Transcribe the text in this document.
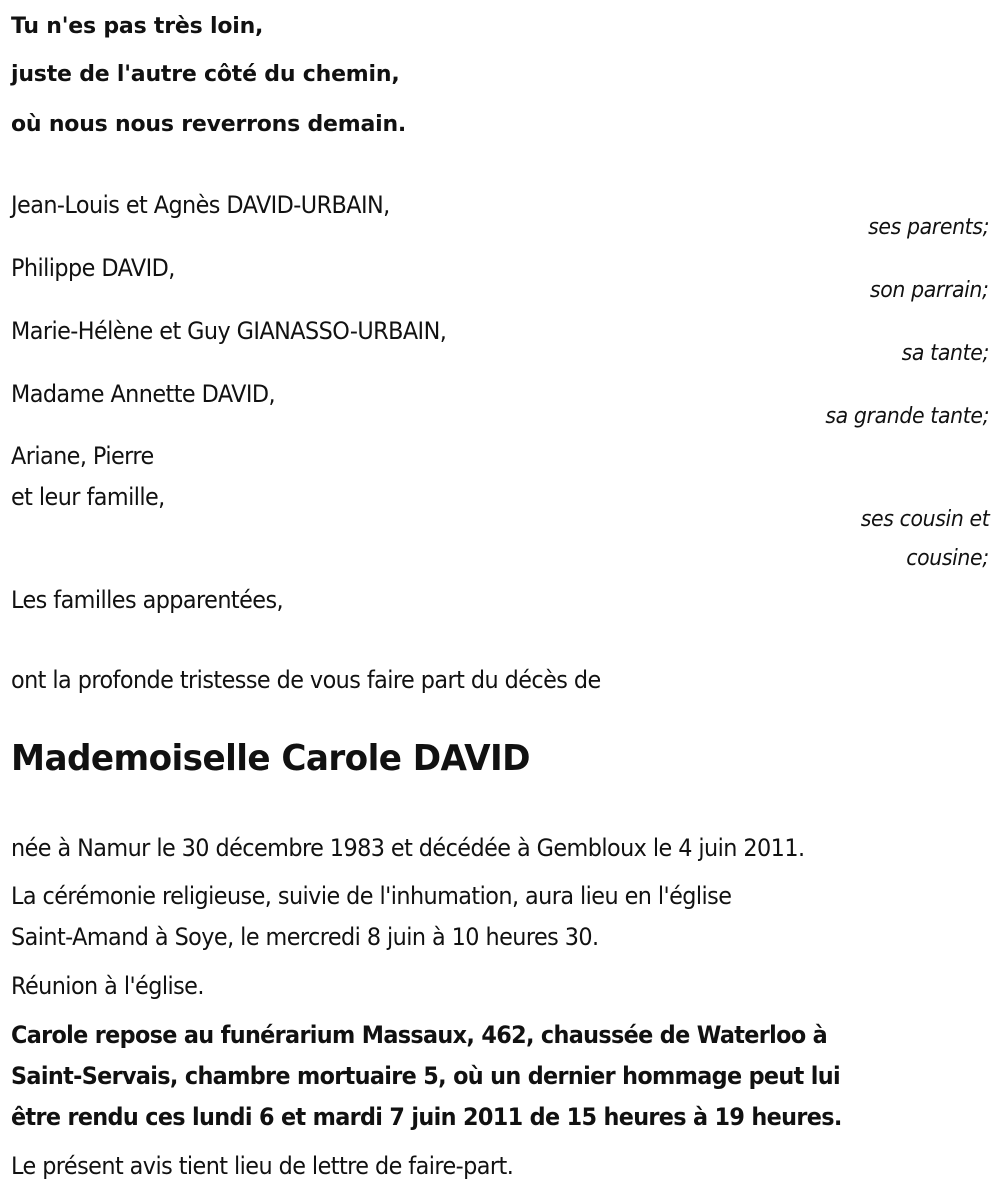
Tu n'es pas très loin,
juste de l'autre côté du chemin,
où nous nous reverrons demain.
Jean-Louis et Agnès DAVID-URBAIN,
ses parents;
Philippe DAVID,
son parrain;
Marie-Hélène et Guy GIANASSO-URBAIN,
sa tante;
Madame Annette DAVID,
sa grande tante;
Ariane, Pierre
et leur famille,
ses cousin et
cousine;
Les familles apparentées,
ont la profonde tristesse de vous faire part du décès de
Mademoiselle Carole DAVID
née à Namur le 30 décembre 1983 et décédée à Gembloux le 4 juin 2011.
La cérémonie religieuse, suivie de l'inhumation, aura lieu en l'église
Saint-Amand à Soye, le mercredi 8 juin à 10 heures 30.
Réunion à l'église.
Carole repose au funérarium Massaux, 462, chaussée de Waterloo à
Saint-Servais, chambre mortuaire 5, où un dernier hommage peut lui
être rendu ces lundi 6 et mardi 7 juin 2011 de 15 heures à 19 heures.
Le présent avis tient lieu de lettre de faire-part.
